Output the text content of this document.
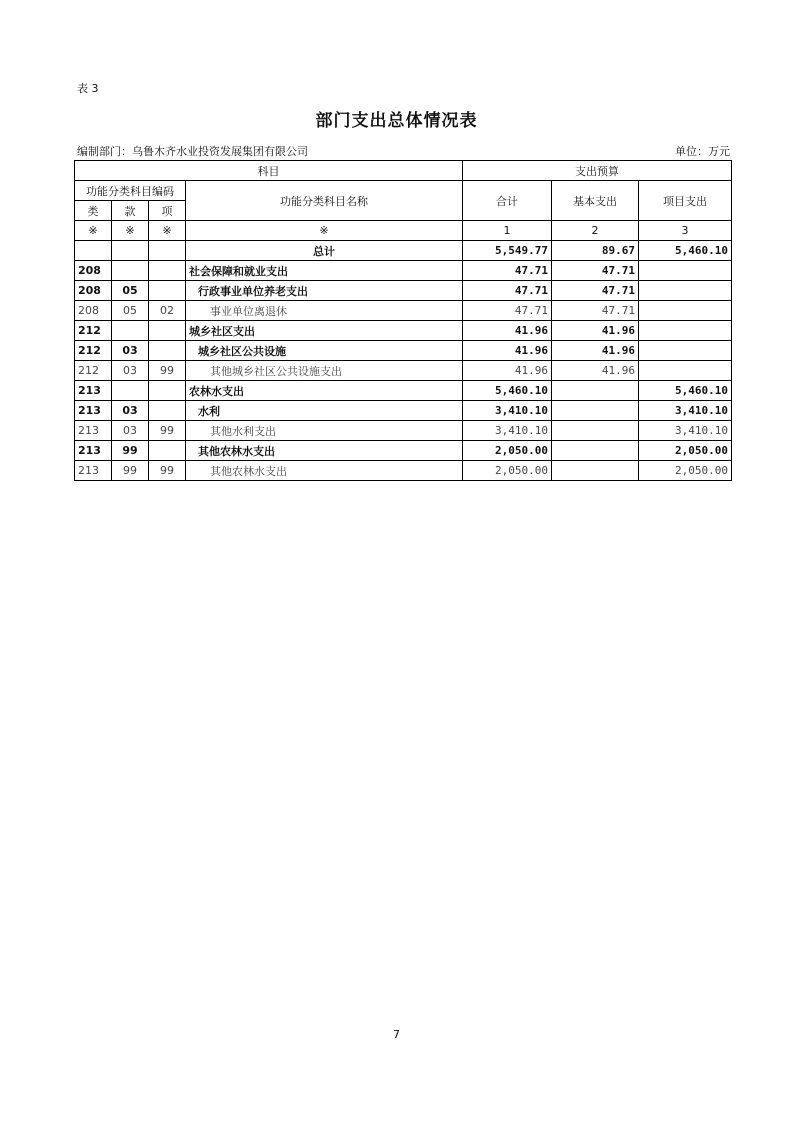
表 3
部门支出总体情况表
编制部门：乌鲁木齐水业投资发展集团有限公司	单位：万元
科目				支出预算		
功能分类科目编码			功能分类科目名称	合计	基本支出	项目支出
类	款	项				
※	※	※	※	1	2	3
			总计	5,549.77	89.67	5,460.10
208			社会保障和就业支出	47.71	47.71	
208	05		行政事业单位养老支出	47.71	47.71	
208	05	02	事业单位离退休	47.71	47.71	
212			城乡社区支出	41.96	41.96	
212	03		城乡社区公共设施	41.96	41.96	
212	03	99	其他城乡社区公共设施支出	41.96	41.96	
213			农林水支出	5,460.10		5,460.10
213	03		水利	3,410.10		3,410.10
213	03	99	其他水利支出	3,410.10		3,410.10
213	99		其他农林水支出	2,050.00		2,050.00
213	99	99	其他农林水支出	2,050.00		2,050.00
7
